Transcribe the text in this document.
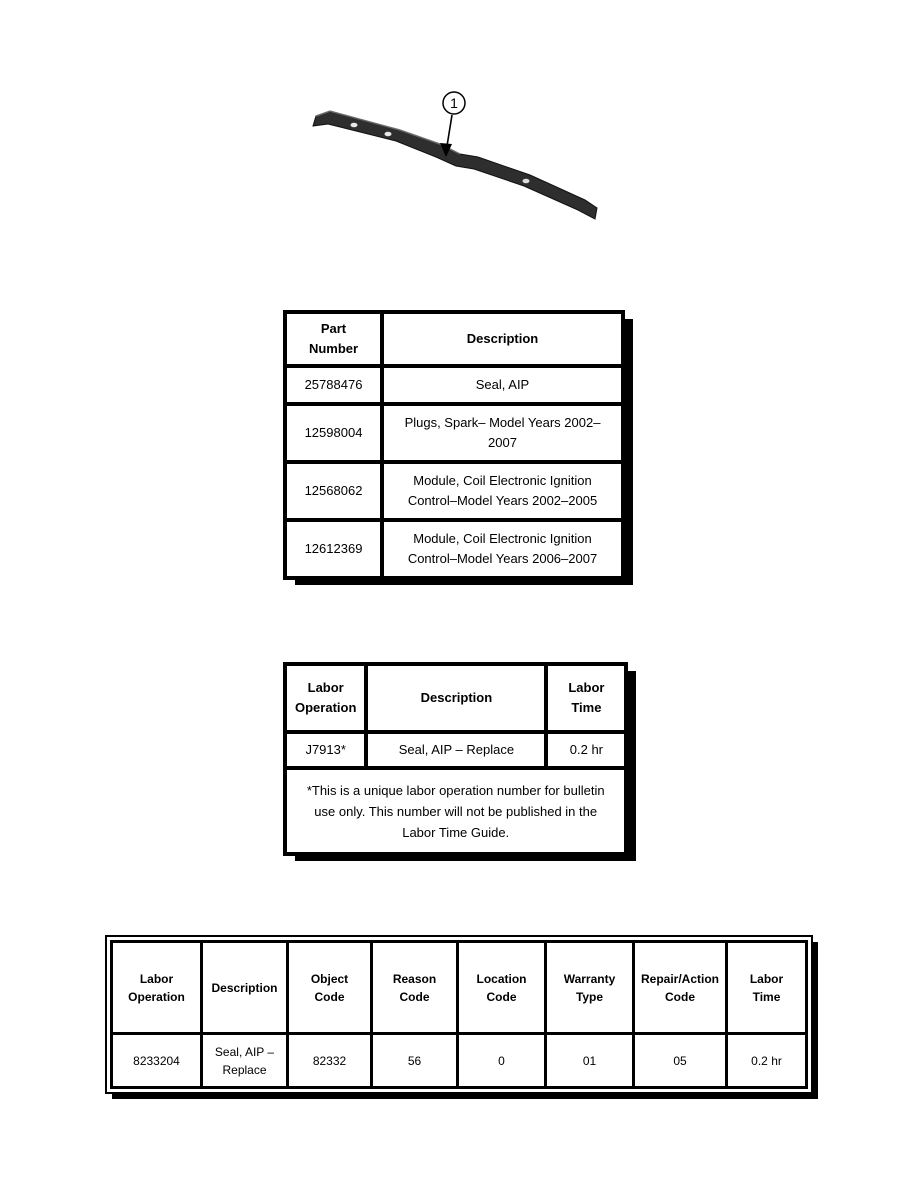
1
Part Number	Description
25788476	Seal, AIP
12598004	Plugs, Spark– Model Years 2002–2007
12568062	Module, Coil Electronic Ignition Control–Model Years 2002–2005
12612369	Module, Coil Electronic Ignition Control–Model Years 2006–2007
Labor Operation	Description	Labor Time
J7913*	Seal, AIP – Replace	0.2 hr
*This is a unique labor operation number for bulletin use only. This number will not be published in the Labor Time Guide.		
Labor Operation	Description	Object Code	Reason Code	Location Code	Warranty Type	Repair/Action Code	Labor Time
8233204	Seal, AIP – Replace	82332	56	0	01	05	0.2 hr
